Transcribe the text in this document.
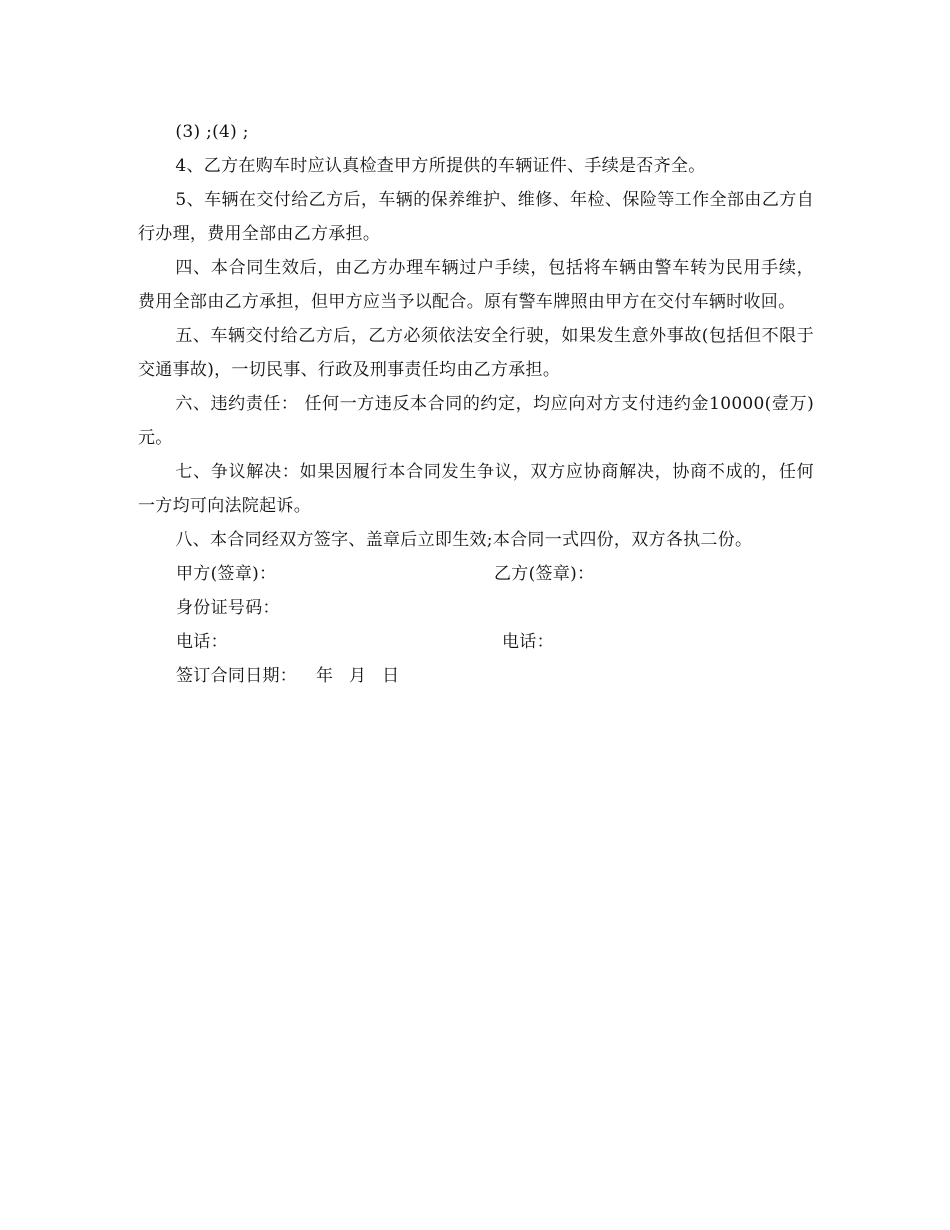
(3) ;(4) ;

4、乙方在购车时应认真检查甲方所提供的车辆证件、手续是否齐全。

5、车辆在交付给乙方后，车辆的保养维护、维修、年检、保险等工作全部由乙方自行办理，费用全部由乙方承担。

四、本合同生效后，由乙方办理车辆过户手续，包括将车辆由警车转为民用手续，费用全部由乙方承担，但甲方应当予以配合。原有警车牌照由甲方在交付车辆时收回。

五、车辆交付给乙方后，乙方必须依法安全行驶，如果发生意外事故(包括但不限于交通事故)，一切民事、行政及刑事责任均由乙方承担。

六、违约责任： 任何一方违反本合同的约定，均应向对方支付违约金10000(壹万)元。

七、争议解决：如果因履行本合同发生争议，双方应协商解决，协商不成的，任何一方均可向法院起诉。

八、本合同经双方签字、盖章后立即生效;本合同一式四份，双方各执二份。

甲方(签章)：	乙方(签章)：
身份证号码：
电话：	电话：
签订合同日期： 年 月 日
